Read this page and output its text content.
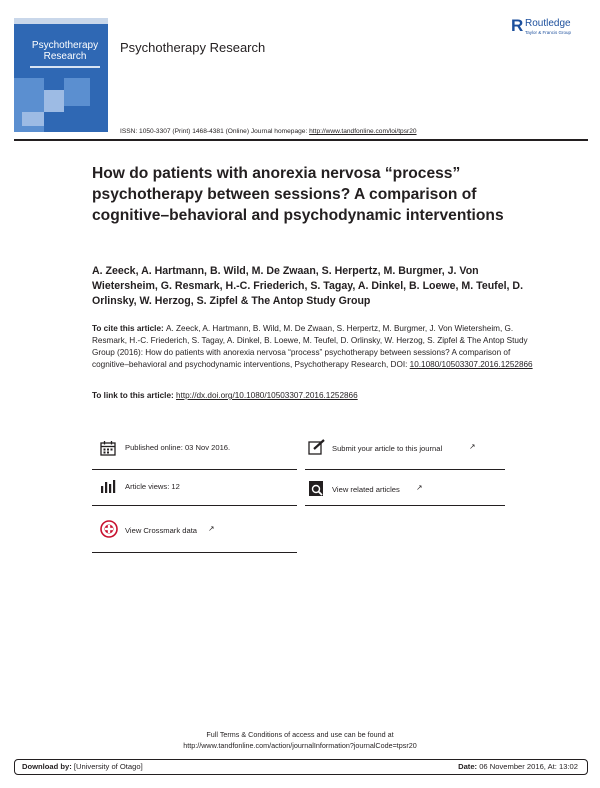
Psychotherapy
Research
Psychotherapy Research
R Routledge
Taylor & Francis Group
ISSN: 1050-3307 (Print) 1468-4381 (Online) Journal homepage: http://www.tandfonline.com/loi/tpsr20
How do patients with anorexia nervosa “process” psychotherapy between sessions? A comparison of cognitive–behavioral and psychodynamic interventions
A. Zeeck, A. Hartmann, B. Wild, M. De Zwaan, S. Herpertz, M. Burgmer, J. Von Wietersheim, G. Resmark, H.-C. Friederich, S. Tagay, A. Dinkel, B. Loewe, M. Teufel, D. Orlinsky, W. Herzog, S. Zipfel & The Antop Study Group
To cite this article: A. Zeeck, A. Hartmann, B. Wild, M. De Zwaan, S. Herpertz, M. Burgmer, J. Von Wietersheim, G. Resmark, H.-C. Friederich, S. Tagay, A. Dinkel, B. Loewe, M. Teufel, D. Orlinsky, W. Herzog, S. Zipfel & The Antop Study Group (2016): How do patients with anorexia nervosa “process” psychotherapy between sessions? A comparison of cognitive–behavioral and psychodynamic interventions, Psychotherapy Research, DOI: 10.1080/10503307.2016.1252866
To link to this article: http://dx.doi.org/10.1080/10503307.2016.1252866
Published online: 03 Nov 2016.
Article views: 12
View Crossmark data ↗
Submit your article to this journal	↗
View related articles ↗
Full Terms & Conditions of access and use can be found at
http://www.tandfonline.com/action/journalInformation?journalCode=tpsr20
Download by: [University of Otago]	Date: 06 November 2016, At: 13:02
